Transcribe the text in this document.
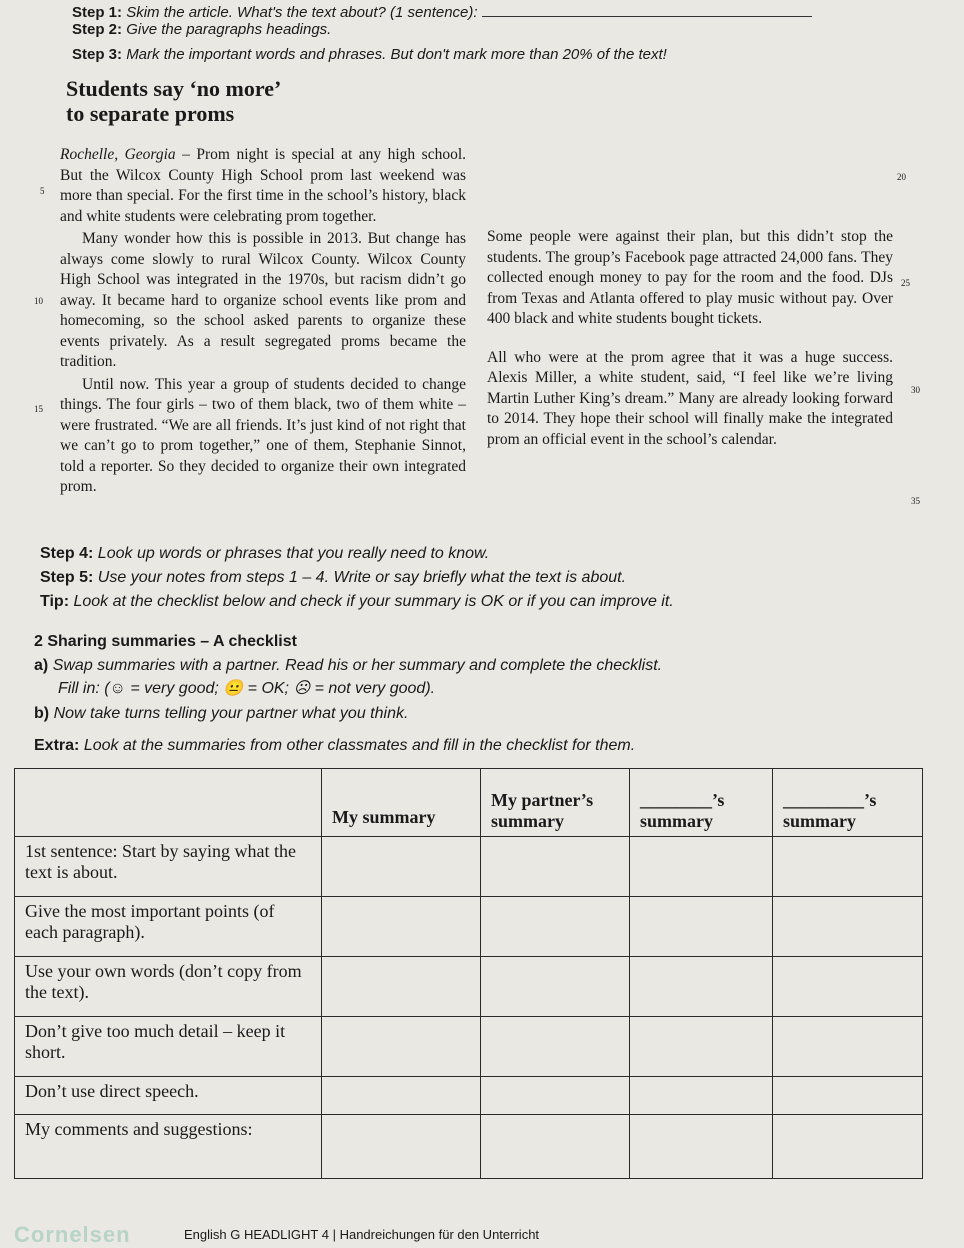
Step 1: Skim the article. What's the text about? (1 sentence):
Step 2: Give the paragraphs headings.
Step 3: Mark the important words and phrases. But don't mark more than 20% of the text!
Students say ‘no more’
to separate proms

Rochelle, Georgia – Prom night is special at any high school. But the Wilcox County High School prom last weekend was more than special. For the first time in the school’s history, black and white students were celebrating prom together.

Many wonder how this is possible in 2013. But change has always come slowly to rural Wilcox County. Wilcox County High School was integrated in the 1970s, but racism didn’t go away. It became hard to organize school events like prom and homecoming, so the school asked parents to organize these events privately. As a result segregated proms became the tradition.

Until now. This year a group of students decided to change things. The four girls – two of them black, two of them white – were frustrated. “We are all friends. It’s just kind of not right that we can’t go to prom together,” one of them, Stephanie Sinnot, told a reporter. So they decided to organize their own integrated prom.

Some people were against their plan, but this didn’t stop the students. The group’s Facebook page attracted 24,000 fans. They collected enough money to pay for the room and the food. DJs from Texas and Atlanta offered to play music without pay. Over 400 black and white students bought tickets.

All who were at the prom agree that it was a huge success. Alexis Miller, a white student, said, “I feel like we’re living Martin Luther King’s dream.” Many are already looking forward to 2014. They hope their school will finally make the integrated prom an official event in the school’s calendar.

5
10
15
20
25
30
35
Step 4: Look up words or phrases that you really need to know.
Step 5: Use your notes from steps 1 – 4. Write or say briefly what the text is about.
Tip: Look at the checklist below and check if your summary is OK or if you can improve it.
2 Sharing summaries – A checklist
a) Swap summaries with a partner. Read his or her summary and complete the checklist.
Fill in: (☺ = very good; 😐 = OK; ☹ = not very good).
b) Now take turns telling your partner what you think.
Extra: Look at the summaries from other classmates and fill in the checklist for them.
	My summary	My partner’s summary	________’s summary	_________’s summary
1st sentence: Start by saying what the text is about.				
Give the most important points (of each paragraph).				
Use your own words (don’t copy from the text).				
Don’t give too much detail – keep it short.				
Don’t use direct speech.				
My comments and suggestions:				
Cornelsen	English G HEADLIGHT 4 | Handreichungen für den Unterricht
